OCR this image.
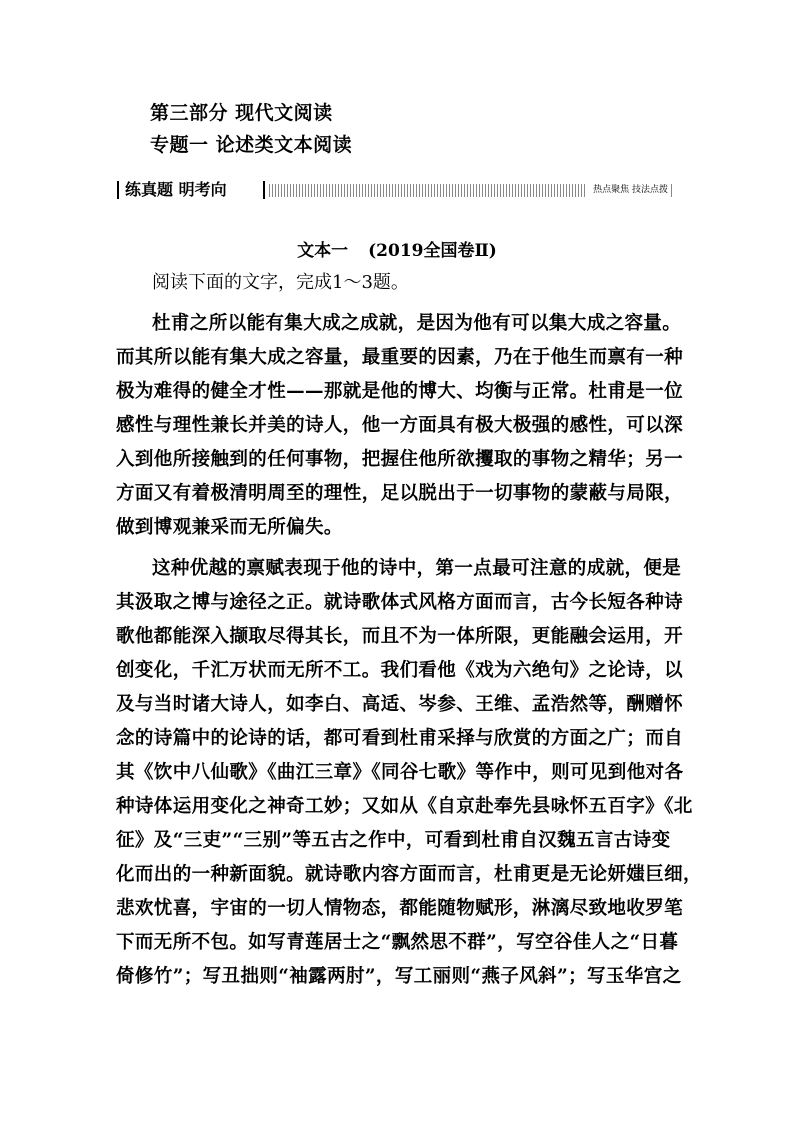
第三部分 现代文阅读
专题一 论述类文本阅读
练真题 明考向	热点聚焦 技法点拨
文本一 (2019全国卷Ⅱ)
阅读下面的文字，完成1～3题。
杜甫之所以能有集大成之成就，是因为他有可以集大成之容量。
而其所以能有集大成之容量，最重要的因素，乃在于他生而禀有一种
极为难得的健全才性——那就是他的博大、均衡与正常。杜甫是一位
感性与理性兼长并美的诗人，他一方面具有极大极强的感性，可以深
入到他所接触到的任何事物，把握住他所欲攫取的事物之精华；另一
方面又有着极清明周至的理性，足以脱出于一切事物的蒙蔽与局限，
做到博观兼采而无所偏失。
这种优越的禀赋表现于他的诗中，第一点最可注意的成就，便是
其汲取之博与途径之正。就诗歌体式风格方面而言，古今长短各种诗
歌他都能深入撷取尽得其长，而且不为一体所限，更能融会运用，开
创变化，千汇万状而无所不工。我们看他《戏为六绝句》之论诗，以
及与当时诸大诗人，如李白、高适、岑参、王维、孟浩然等，酬赠怀
念的诗篇中的论诗的话，都可看到杜甫采择与欣赏的方面之广；而自
其《饮中八仙歌》《曲江三章》《同谷七歌》等作中，则可见到他对各
种诗体运用变化之神奇工妙；又如从《自京赴奉先县咏怀五百字》《北
征》及“三吏”“三别”等五古之作中，可看到杜甫自汉魏五言古诗变
化而出的一种新面貌。就诗歌内容方面而言，杜甫更是无论妍媸巨细，
悲欢忧喜，宇宙的一切人情物态，都能随物赋形，淋漓尽致地收罗笔
下而无所不包。如写青莲居士之“飘然思不群”，写空谷佳人之“日暮
倚修竹”；写丑拙则“袖露两肘”，写工丽则“燕子风斜”；写玉华宫之
